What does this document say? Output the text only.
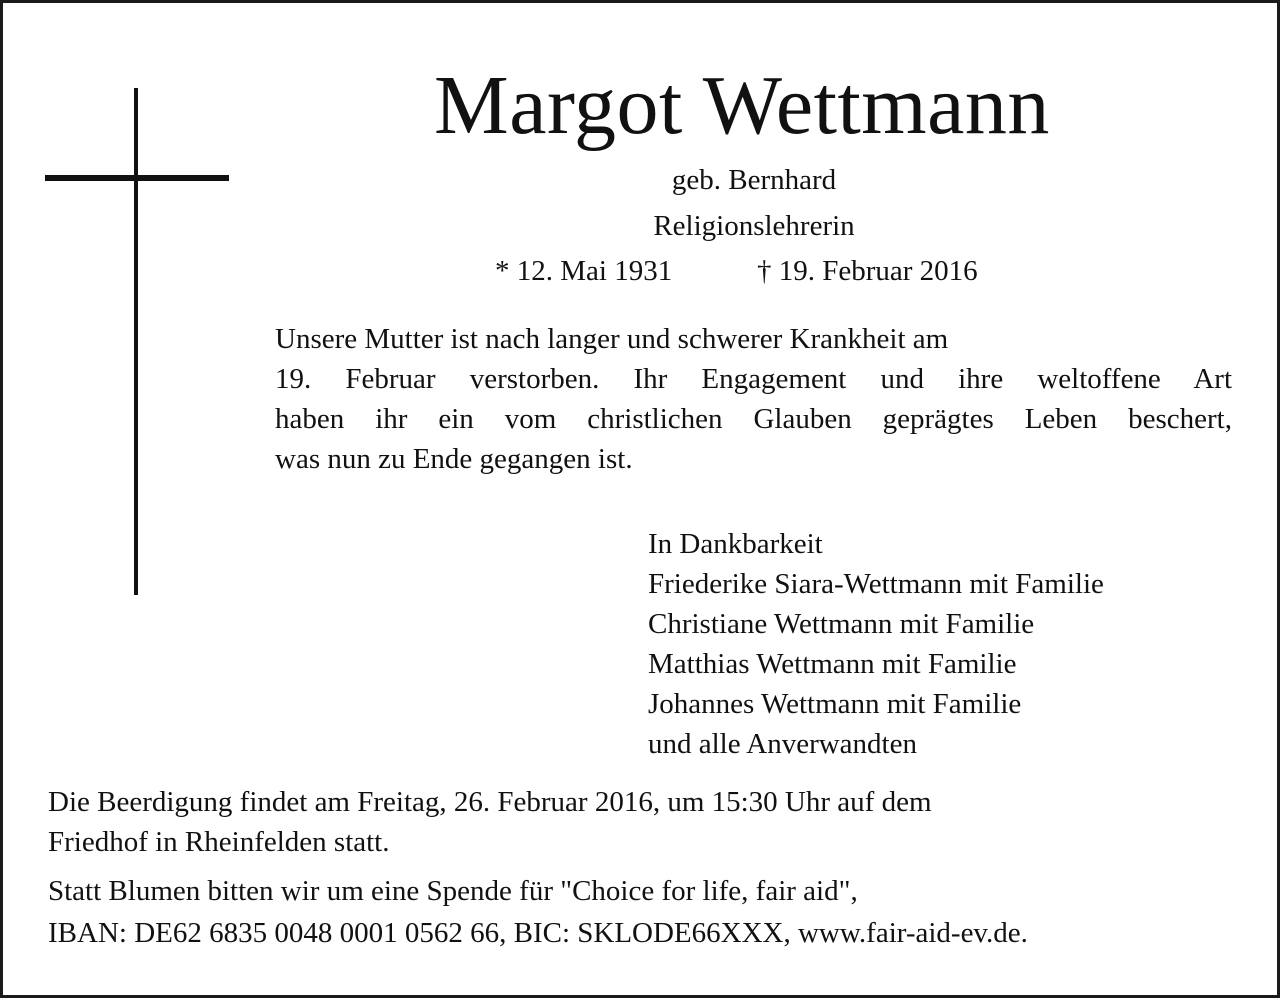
Margot Wettmann
geb. Bernhard
Religionslehrerin
* 12. Mai 1931	† 19. Februar 2016
Unsere Mutter ist nach langer und schwerer Krankheit am
19. Februar verstorben. Ihr Engagement und ihre weltoffene Art
haben ihr ein vom christlichen Glauben geprägtes Leben beschert,
was nun zu Ende gegangen ist.
In Dankbarkeit
Friederike Siara-Wettmann mit Familie
Christiane Wettmann mit Familie
Matthias Wettmann mit Familie
Johannes Wettmann mit Familie
und alle Anverwandten
Die Beerdigung findet am Freitag, 26. Februar 2016, um 15:30 Uhr auf dem
Friedhof in Rheinfelden statt.
Statt Blumen bitten wir um eine Spende für "Choice for life, fair aid",
IBAN: DE62 6835 0048 0001 0562 66, BIC: SKLODE66XXX, www.fair-aid-ev.de.
